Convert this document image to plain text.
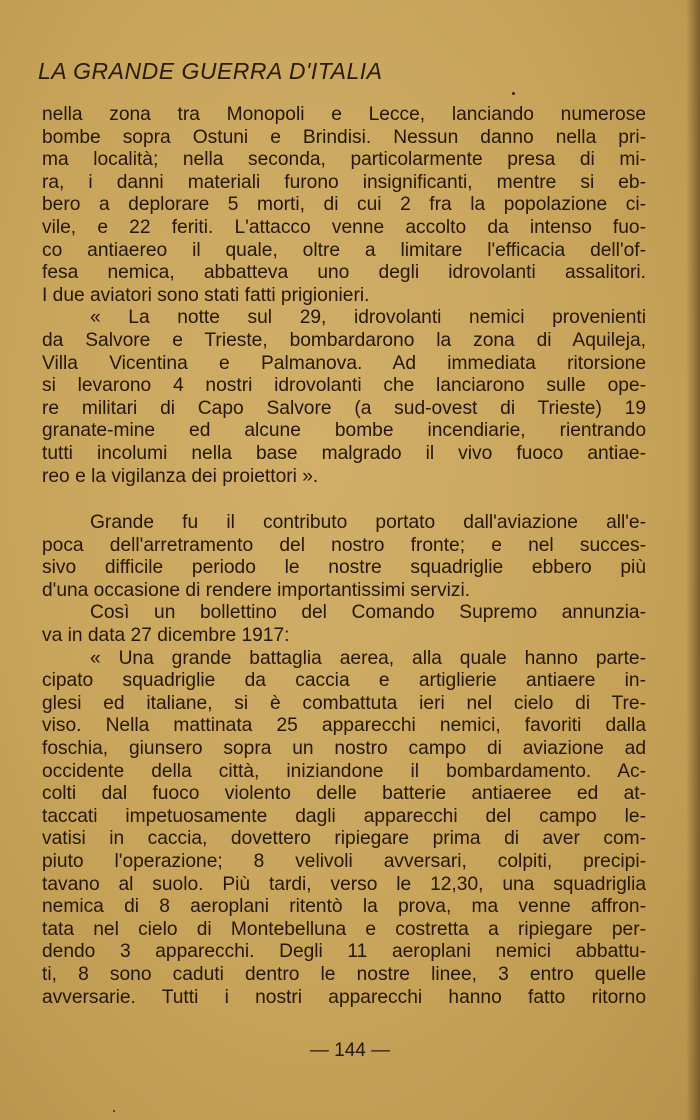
LA GRANDE GUERRA D'ITALIA
nella zona tra Monopoli e Lecce, lanciando numerose
bombe sopra Ostuni e Brindisi. Nessun danno nella pri-
ma località; nella seconda, particolarmente presa di mi-
ra, i danni materiali furono insignificanti, mentre si eb-
bero a deplorare 5 morti, di cui 2 fra la popolazione ci-
vile, e 22 feriti. L'attacco venne accolto da intenso fuo-
co antiaereo il quale, oltre a limitare l'efficacia dell'of-
fesa nemica, abbatteva uno degli idrovolanti assalitori.
I due aviatori sono stati fatti prigionieri.
« La notte sul 29, idrovolanti nemici provenienti
da Salvore e Trieste, bombardarono la zona di Aquileja,
Villa Vicentina e Palmanova. Ad immediata ritorsione
si levarono 4 nostri idrovolanti che lanciarono sulle ope-
re militari di Capo Salvore (a sud-ovest di Trieste) 19
granate-mine ed alcune bombe incendiarie, rientrando
tutti incolumi nella base malgrado il vivo fuoco antiae-
reo e la vigilanza dei proiettori ».
Grande fu il contributo portato dall'aviazione all'e-
poca dell'arretramento del nostro fronte; e nel succes-
sivo difficile periodo le nostre squadriglie ebbero più
d'una occasione di rendere importantissimi servizi.
Così un bollettino del Comando Supremo annunzia-
va in data 27 dicembre 1917:
« Una grande battaglia aerea, alla quale hanno parte-
cipato squadriglie da caccia e artiglierie antiaere in-
glesi ed italiane, si è combattuta ieri nel cielo di Tre-
viso. Nella mattinata 25 apparecchi nemici, favoriti dalla
foschia, giunsero sopra un nostro campo di aviazione ad
occidente della città, iniziandone il bombardamento. Ac-
colti dal fuoco violento delle batterie antiaeree ed at-
taccati impetuosamente dagli apparecchi del campo le-
vatisi in caccia, dovettero ripiegare prima di aver com-
piuto l'operazione; 8 velivoli avversari, colpiti, precipi-
tavano al suolo. Più tardi, verso le 12,30, una squadriglia
nemica di 8 aeroplani ritentò la prova, ma venne affron-
tata nel cielo di Montebelluna e costretta a ripiegare per-
dendo 3 apparecchi. Degli 11 aeroplani nemici abbattu-
ti, 8 sono caduti dentro le nostre linee, 3 entro quelle
avversarie. Tutti i nostri apparecchi hanno fatto ritorno
— 144 —
